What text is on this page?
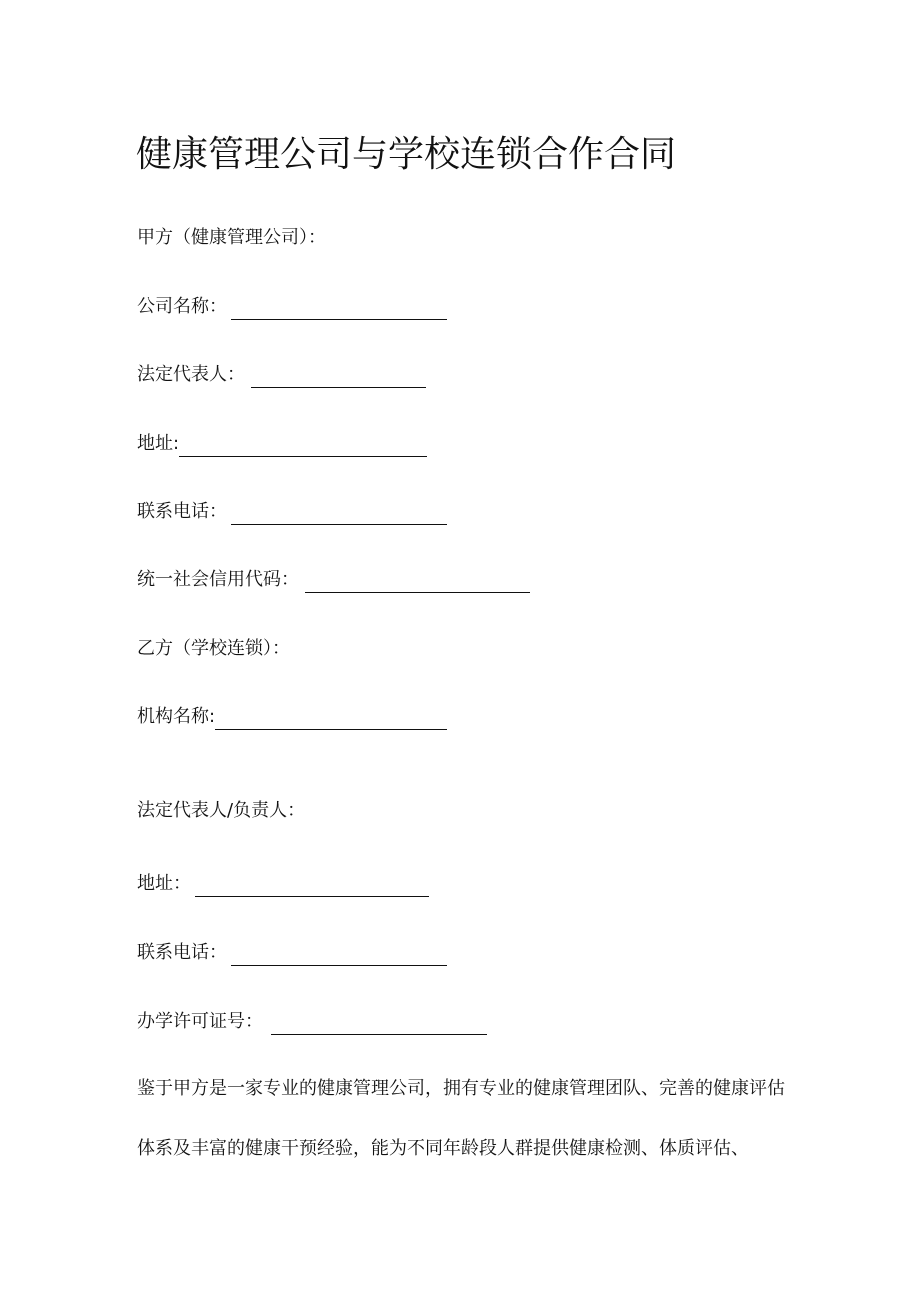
健康管理公司与学校连锁合作合同
甲方（健康管理公司）：
公司名称：
法定代表人：
地址:
联系电话：
统一社会信用代码：
乙方（学校连锁）：
机构名称:
法定代表人/负责人：
地址：
联系电话：
办学许可证号：

鉴于甲方是一家专业的健康管理公司，拥有专业的健康管理团队、完善的健康评估体系及丰富的健康干预经验，能为不同年龄段人群提供健康检测、体质评估、
